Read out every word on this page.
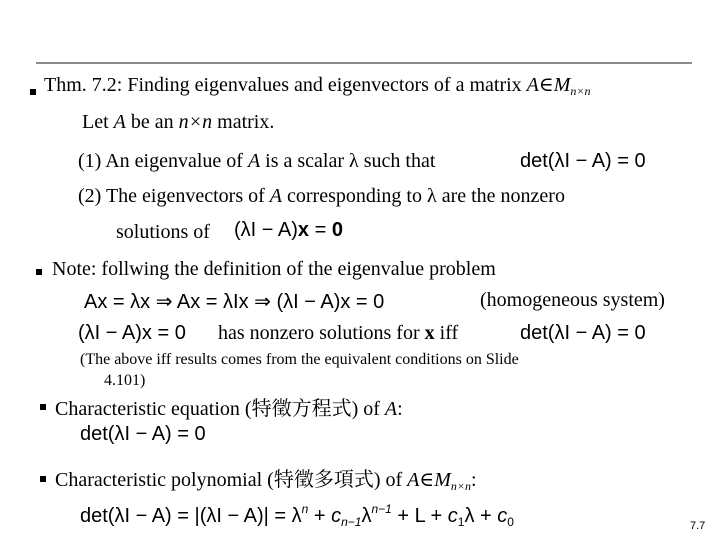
Thm. 7.2: Finding eigenvalues and eigenvectors of a matrix $A\in M_{n\times n}$
Let A be an n×n matrix.
(1) An eigenvalue of A is a scalar λ such that	det(λI − A) = 0
(2) The eigenvectors of A corresponding to λ are the nonzero
solutions of (λI − A)x = 0
Note: follwing the definition of the eigenvalue problem
Ax = λx ⇒ Ax = λIx ⇒ (λI − A)x = 0	(homogeneous system)
(λI − A)x = 0 has nonzero solutions for x iff	det(λI − A) = 0
(The above iff results comes from the equivalent conditions on Slide
4.101)
Characteristic equation (特徵方程式) of A:
det(λI − A) = 0
Characteristic polynomial (特徵多項式) of $A\in M_{n\times n}$:
$\det(\lambda I - A) = |(\lambda I - A)| = \lambda^n + c_{n-1}\lambda^{n-1} + L + c_1\lambda + c_0$	7.7
